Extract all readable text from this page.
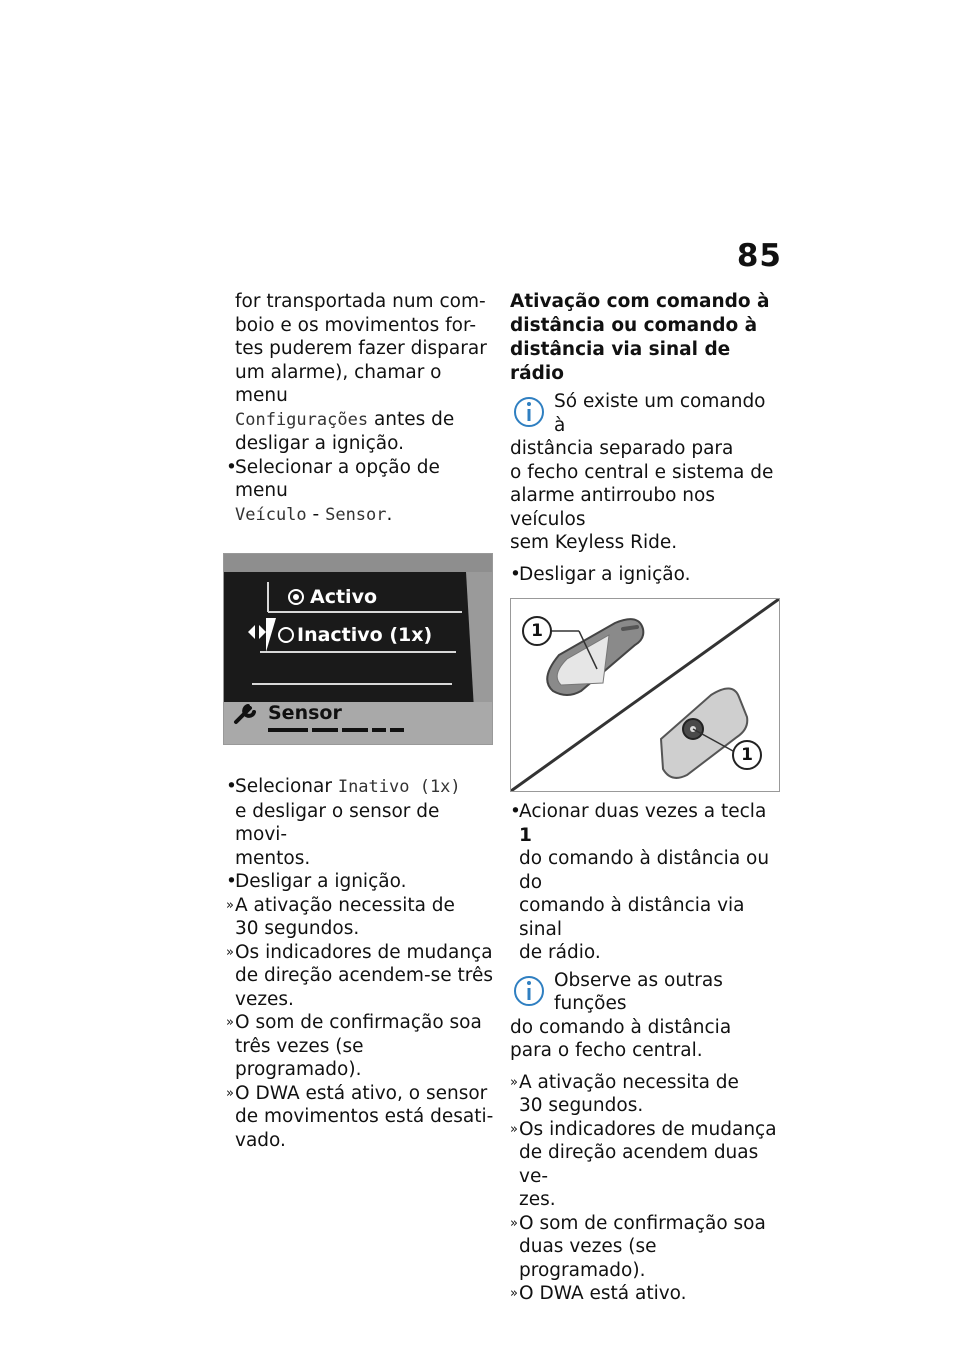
85
for transportada num com-
boio e os movimentos for-
tes puderem fazer disparar
um alarme), chamar o menu
Configurações antes de
desligar a ignição.
• Selecionar a opção de menu
Veículo - Sensor.
Activo
Inactivo (1x)
Sensor
• Selecionar Inativo (1x)
e desligar o sensor de movi-
mentos.
• Desligar a ignição.
» A ativação necessita de
30 segundos.
» Os indicadores de mudança
de direção acendem-se três
vezes.
» O som de confirmação soa
três vezes (se programado).
» O DWA está ativo, o sensor
de movimentos está desati-
vado.
Ativação com comando à
distância ou comando à
distância via sinal de rádio
Só existe um comando à
distância separado para
o fecho central e sistema de
alarme antirroubo nos veículos
sem Keyless Ride.
• Desligar a ignição.
1
1
• Acionar duas vezes a tecla 1
do comando à distância ou do
comando à distância via sinal
de rádio.
Observe as outras funções
do comando à distância
para o fecho central.
» A ativação necessita de
30 segundos.
» Os indicadores de mudança
de direção acendem duas ve-
zes.
» O som de confirmação soa
duas vezes (se programado).
» O DWA está ativo.
